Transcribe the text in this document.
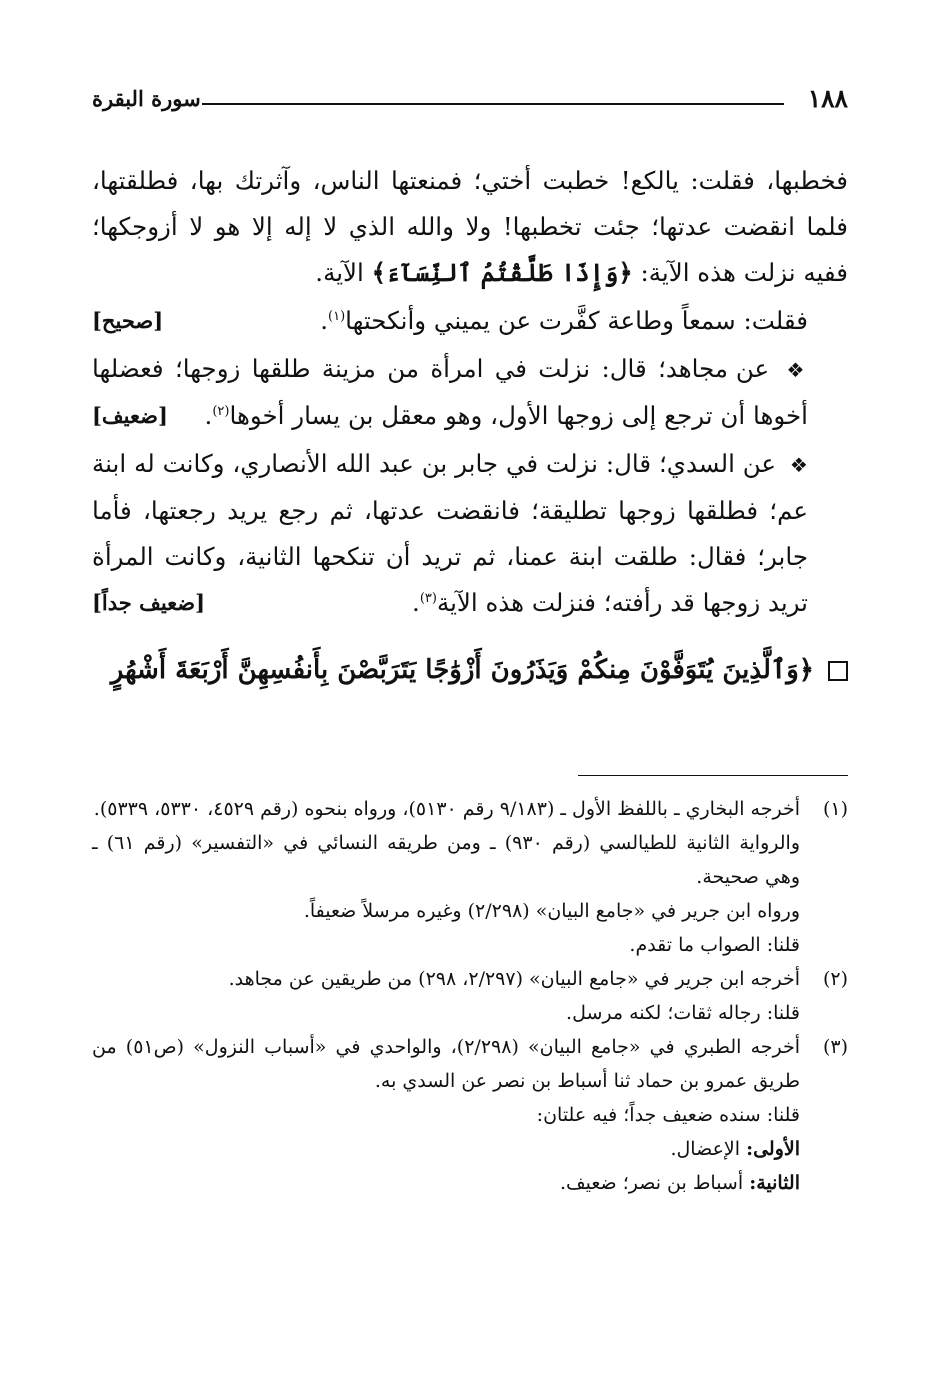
١٨٨
سورة البقرة

فخطبها، فقلت: يالكع! خطبت أختي؛ فمنعتها الناس، وآثرتك بها، فطلقتها، فلما انقضت عدتها؛ جئت تخطبها! ولا والله الذي لا إله إلا هو لا أزوجكها؛ ففيه نزلت هذه الآية: ﴿وَإِذَا طَلَّقْتُمُ ٱلنِّسَآءَ﴾ الآية.

[صحيح]	فقلت: سمعاً وطاعة كفَّرت عن يميني وأنكحتها$^{(١)}$.

❖ عن مجاهد؛ قال: نزلت في امرأة من مزينة طلقها زوجها؛ فعضلها أخوها أن ترجع إلى زوجها الأول، وهو معقل بن يسار أخوها$^{(٢)}$.
[ضعيف]

❖ عن السدي؛ قال: نزلت في جابر بن عبد الله الأنصاري، وكانت له ابنة عم؛ فطلقها زوجها تطليقة؛ فانقضت عدتها، ثم رجع يريد رجعتها، فأما جابر؛ فقال: طلقت ابنة عمنا، ثم تريد أن تنكحها الثانية، وكانت المرأة تريد زوجها قد رأفته؛ فنزلت هذه الآية$^{(٣)}$.
[ضعيف جداً]

﴿وَٱلَّذِينَ يُتَوَفَّوْنَ مِنكُمْ وَيَذَرُونَ أَزْوَٰجًا يَتَرَبَّصْنَ بِأَنفُسِهِنَّ أَرْبَعَةَ أَشْهُرٍ
(١)
أخرجه البخاري ـ باللفظ الأول ـ (٩/١٨٣ رقم ٥١٣٠)، ورواه بنحوه (رقم ٤٥٢٩، ٥٣٣٠، ٥٣٣٩).
والرواية الثانية للطيالسي (رقم ٩٣٠) ـ ومن طريقه النسائي في «التفسير» (رقم ٦١) ـ وهي صحيحة.
ورواه ابن جرير في «جامع البيان» (٢/٢٩٨) وغيره مرسلاً ضعيفاً.
قلنا: الصواب ما تقدم.
(٢)
أخرجه ابن جرير في «جامع البيان» (٢/٢٩٧، ٢٩٨) من طريقين عن مجاهد.
قلنا: رجاله ثقات؛ لكنه مرسل.
(٣)
أخرجه الطبري في «جامع البيان» (٢/٢٩٨)، والواحدي في «أسباب النزول» (ص٥١) من طريق عمرو بن حماد ثنا أسباط بن نصر عن السدي به.
قلنا: سنده ضعيف جداً؛ فيه علتان:
الأولى: الإعضال.
الثانية: أسباط بن نصر؛ ضعيف.
